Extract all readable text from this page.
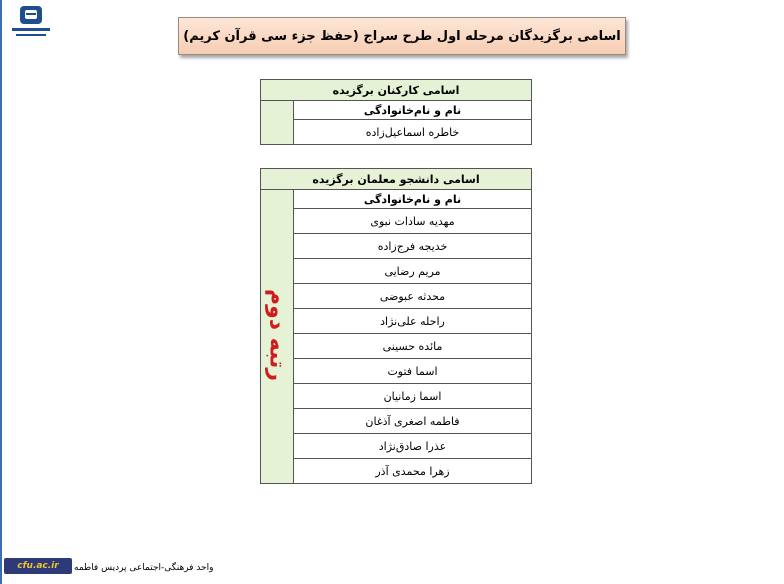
اسامی برگزیدگان مرحله اول طرح سراج (حفظ جزء سی قرآن کریم)
اسامی کارکنان برگزیده
نام و نام‌خانوادگی	
خاطره اسماعیل‌زاده
اسامی دانشجو معلمان برگزیده
نام و نام‌خانوادگی	رتبه دوم
مهدیه سادات نبوی
خدیجه فرج‌زاده
مریم رضایی
محدثه عبوضی
راحله علی‌نژاد
مائده حسینی
اسما فتوت
اسما زمانیان
فاطمه اصغری آذغان
عذرا صادق‌نژاد
زهرا محمدی آذر
واحد فرهنگی-اجتماعی پردیس فاطمه
cfu.ac.ir
